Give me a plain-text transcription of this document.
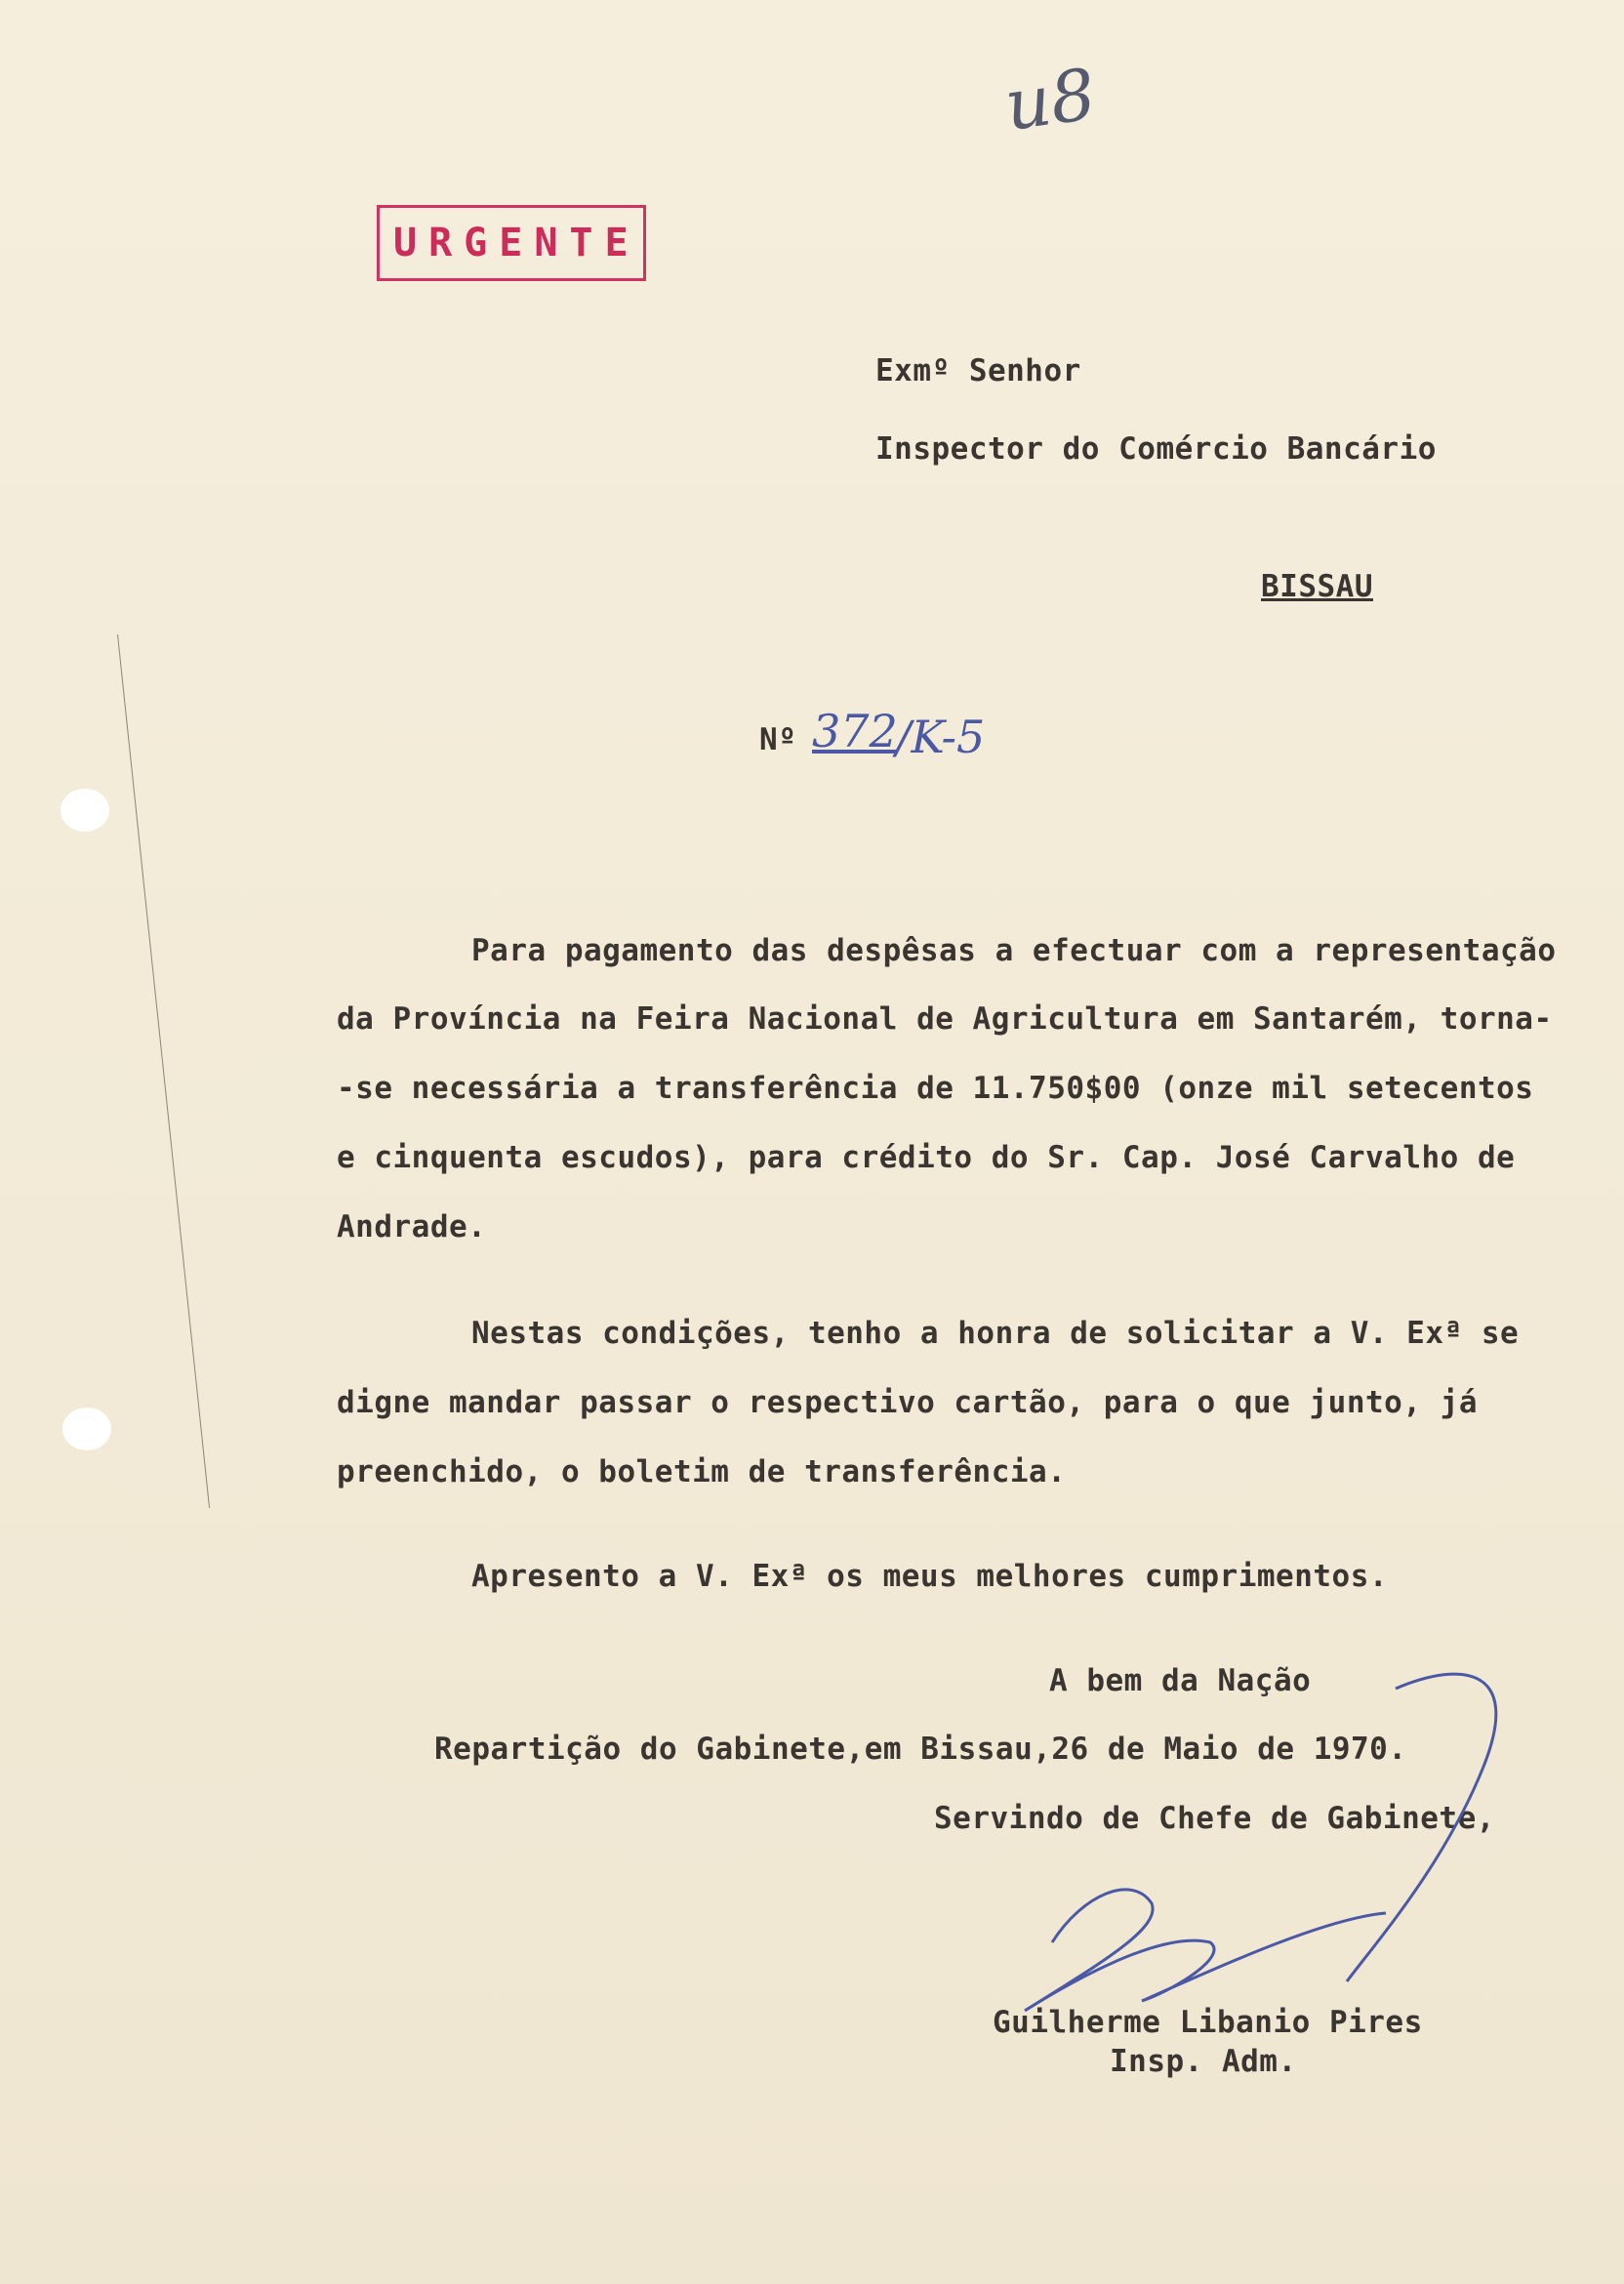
u8
URGENTE
Exmº Senhor
Inspector do Comércio Bancário
BISSAU
Nº 372
/K-5
Para pagamento das despêsas a efectuar com a representação
da Província na Feira Nacional de Agricultura em Santarém, torna-
-se necessária a transferência de 11.750$00 (onze mil setecentos
e cinquenta escudos), para crédito do Sr. Cap. José Carvalho de
Andrade.
Nestas condições, tenho a honra de solicitar a V. Exª se
digne mandar passar o respectivo cartão, para o que junto, já
preenchido, o boletim de transferência.
Apresento a V. Exª os meus melhores cumprimentos.
A bem da Nação
Repartição do Gabinete,em Bissau,26 de Maio de 1970.
Servindo de Chefe de Gabinete,
Guilherme Libanio Pires
Insp. Adm.
